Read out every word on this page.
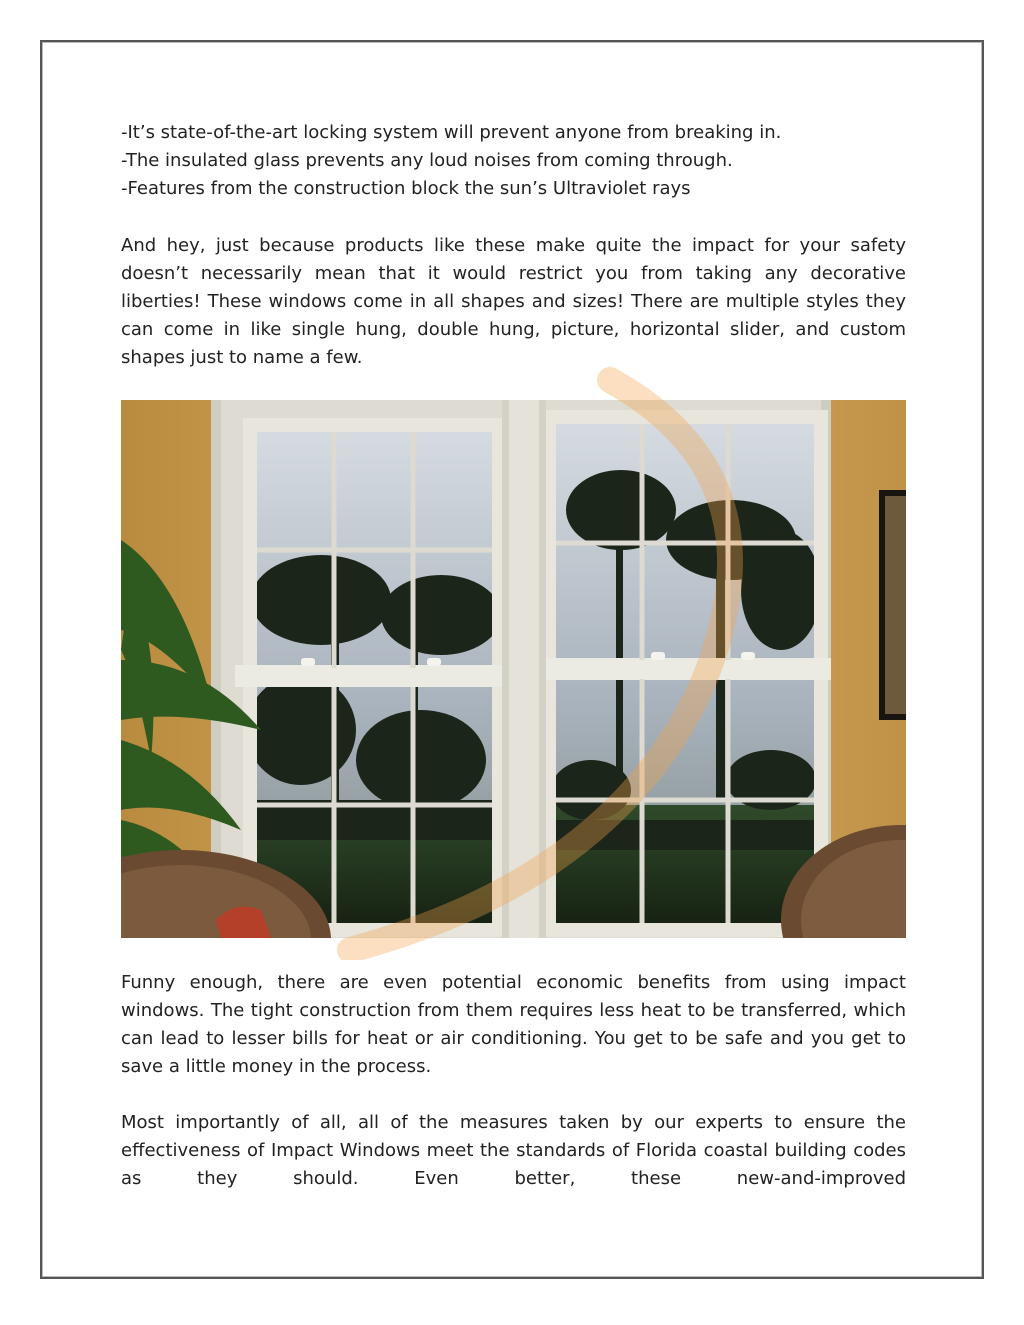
-It’s state-of-the-art locking system will prevent anyone from breaking in.

-The insulated glass prevents any loud noises from coming through.

-Features from the construction block the sun’s Ultraviolet rays

And hey, just because products like these make quite the impact for your safety doesn’t necessarily mean that it would restrict you from taking any decorative liberties! These windows come in all shapes and sizes! There are multiple styles they can come in like single hung, double hung, picture, horizontal slider, and custom shapes just to name a few.

Funny enough, there are even potential economic benefits from using impact windows. The tight construction from them requires less heat to be transferred, which can lead to lesser bills for heat or air conditioning. You get to be safe and you get to save a little money in the process.

Most importantly of all, all of the measures taken by our experts to ensure the effectiveness of Impact Windows meet the standards of Florida coastal building codes as they should. Even better, these new-and-improved
